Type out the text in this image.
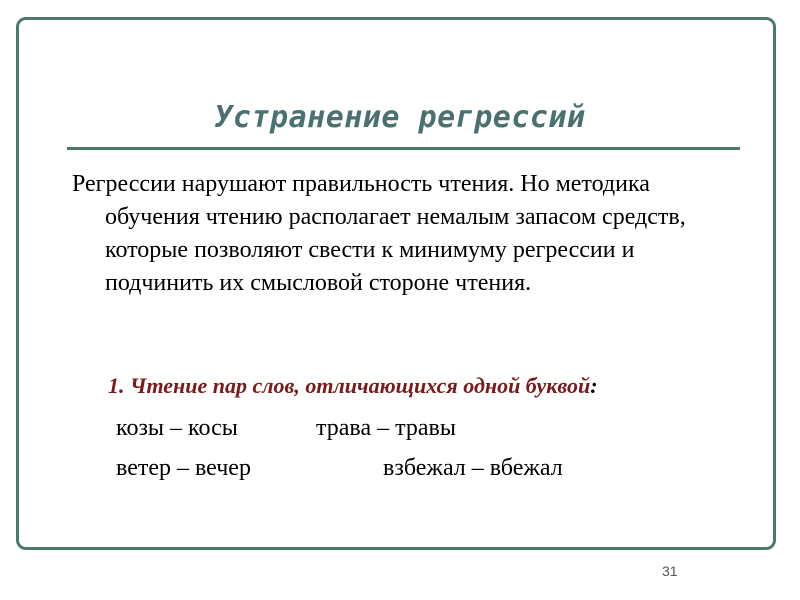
Устранение регрессий

Регрессии нарушают правильность чтения. Но методика обучения чтению располагает немалым запасом средств, которые позволяют свести к минимуму регрессии и подчинить их смысловой стороне чтения.

1. Чтение пар слов, отличающихся одной буквой:
козы – косы	трава – травы
ветер – вечер	взбежал – вбежал
31
